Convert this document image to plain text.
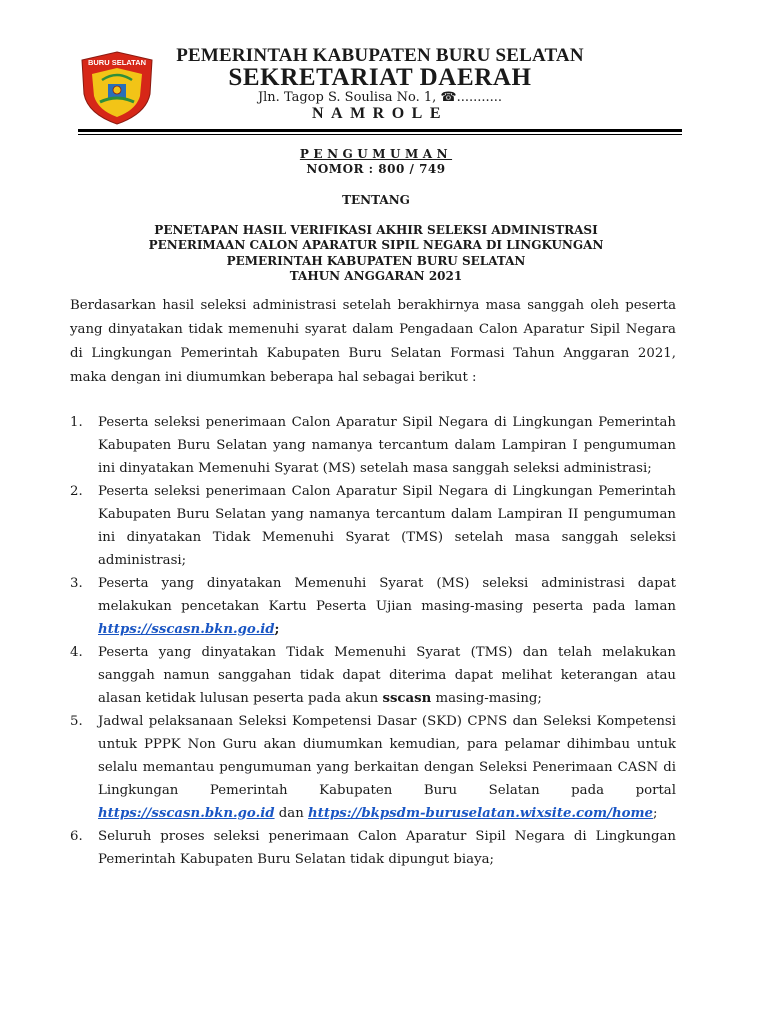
BURU SELATAN	PEMERINTAH KABUPATEN BURU SELATAN
SEKRETARIAT DAERAH
Jln. Tagop S. Soulisa No. 1, ☎...........
NAMROLE
PENGUMUMAN
NOMOR : 800 / 749
TENTANG
PENETAPAN HASIL VERIFIKASI AKHIR SELEKSI ADMINISTRASI
PENERIMAAN CALON APARATUR SIPIL NEGARA DI LINGKUNGAN
PEMERINTAH KABUPATEN BURU SELATAN
TAHUN ANGGARAN 2021
Berdasarkan hasil seleksi administrasi setelah berakhirnya masa sanggah oleh peserta yang dinyatakan tidak memenuhi syarat dalam Pengadaan Calon Aparatur Sipil Negara di Lingkungan Pemerintah Kabupaten Buru Selatan Formasi Tahun Anggaran 2021, maka dengan ini diumumkan beberapa hal sebagai berikut :
1. Peserta seleksi penerimaan Calon Aparatur Sipil Negara di Lingkungan Pemerintah Kabupaten Buru Selatan yang namanya tercantum dalam Lampiran I pengumuman ini dinyatakan Memenuhi Syarat (MS) setelah masa sanggah seleksi administrasi;
2. Peserta seleksi penerimaan Calon Aparatur Sipil Negara di Lingkungan Pemerintah Kabupaten Buru Selatan yang namanya tercantum dalam Lampiran II pengumuman ini dinyatakan Tidak Memenuhi Syarat (TMS) setelah masa sanggah seleksi administrasi;
3. Peserta yang dinyatakan Memenuhi Syarat (MS) seleksi administrasi dapat melakukan pencetakan Kartu Peserta Ujian masing-masing peserta pada laman https://sscasn.bkn.go.id;
4. Peserta yang dinyatakan Tidak Memenuhi Syarat (TMS) dan telah melakukan sanggah namun sanggahan tidak dapat diterima dapat melihat keterangan atau alasan ketidak lulusan peserta pada akun sscasn masing-masing;
5. Jadwal pelaksanaan Seleksi Kompetensi Dasar (SKD) CPNS dan Seleksi Kompetensi untuk PPPK Non Guru akan diumumkan kemudian, para pelamar dihimbau untuk selalu memantau pengumuman yang berkaitan dengan Seleksi Penerimaan CASN di Lingkungan Pemerintah Kabupaten Buru Selatan pada portal https://sscasn.bkn.go.id dan https://bkpsdm-buruselatan.wixsite.com/home;
6. Seluruh proses seleksi penerimaan Calon Aparatur Sipil Negara di Lingkungan Pemerintah Kabupaten Buru Selatan tidak dipungut biaya;
